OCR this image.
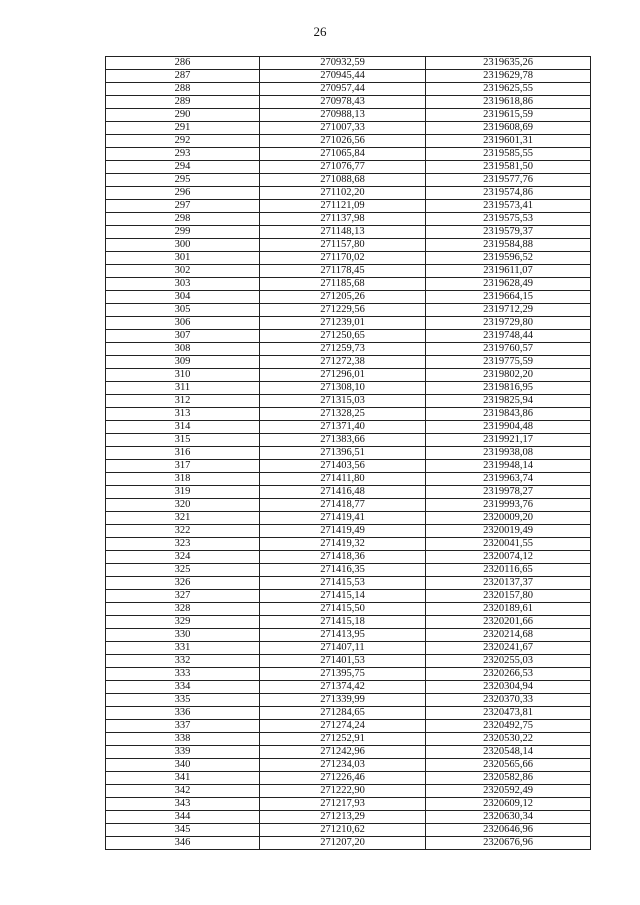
26
286	270932,59	2319635,26
287	270945,44	2319629,78
288	270957,44	2319625,55
289	270978,43	2319618,86
290	270988,13	2319615,59
291	271007,33	2319608,69
292	271026,56	2319601,31
293	271065,84	2319585,55
294	271076,77	2319581,50
295	271088,68	2319577,76
296	271102,20	2319574,86
297	271121,09	2319573,41
298	271137,98	2319575,53
299	271148,13	2319579,37
300	271157,80	2319584,88
301	271170,02	2319596,52
302	271178,45	2319611,07
303	271185,68	2319628,49
304	271205,26	2319664,15
305	271229,56	2319712,29
306	271239,01	2319729,80
307	271250,65	2319748,44
308	271259,73	2319760,57
309	271272,38	2319775,59
310	271296,01	2319802,20
311	271308,10	2319816,95
312	271315,03	2319825,94
313	271328,25	2319843,86
314	271371,40	2319904,48
315	271383,66	2319921,17
316	271396,51	2319938,08
317	271403,56	2319948,14
318	271411,80	2319963,74
319	271416,48	2319978,27
320	271418,77	2319993,76
321	271419,41	2320009,20
322	271419,49	2320019,49
323	271419,32	2320041,55
324	271418,36	2320074,12
325	271416,35	2320116,65
326	271415,53	2320137,37
327	271415,14	2320157,80
328	271415,50	2320189,61
329	271415,18	2320201,66
330	271413,95	2320214,68
331	271407,11	2320241,67
332	271401,53	2320255,03
333	271395,75	2320266,53
334	271374,42	2320304,94
335	271339,99	2320370,33
336	271284,65	2320473,81
337	271274,24	2320492,75
338	271252,91	2320530,22
339	271242,96	2320548,14
340	271234,03	2320565,66
341	271226,46	2320582,86
342	271222,90	2320592,49
343	271217,93	2320609,12
344	271213,29	2320630,34
345	271210,62	2320646,96
346	271207,20	2320676,96
